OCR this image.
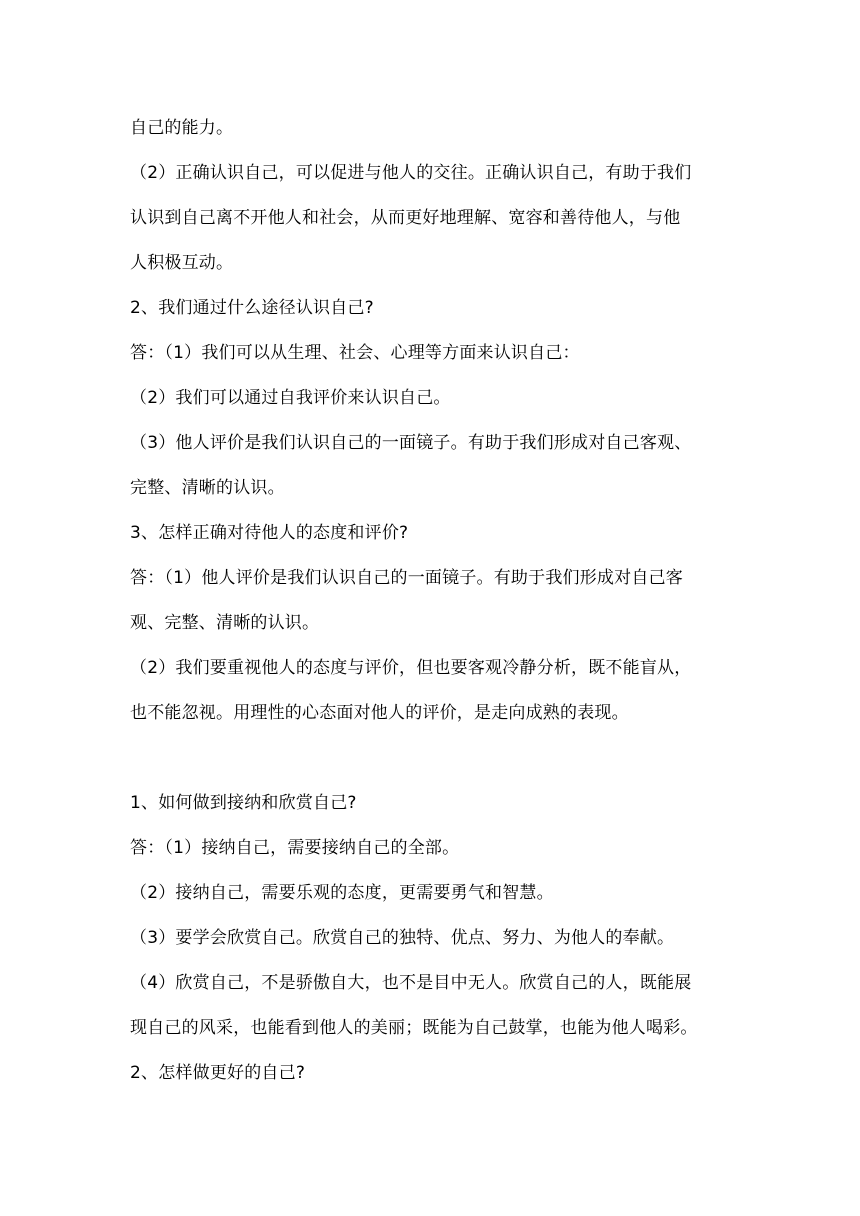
自己的能力。
（2）正确认识自己，可以促进与他人的交往。正确认识自己，有助于我们
认识到自己离不开他人和社会，从而更好地理解、宽容和善待他人，与他
人积极互动。
2、我们通过什么途径认识自己?
答：（1）我们可以从生理、社会、心理等方面来认识自己：
（2）我们可以通过自我评价来认识自己。
（3）他人评价是我们认识自己的一面镜子。有助于我们形成对自己客观、
完整、清晰的认识。
3、怎样正确对待他人的态度和评价?
答：（1）他人评价是我们认识自己的一面镜子。有助于我们形成对自己客
观、完整、清晰的认识。
（2）我们要重视他人的态度与评价，但也要客观冷静分析，既不能盲从，
也不能忽视。用理性的心态面对他人的评价，是走向成熟的表现。
1、如何做到接纳和欣赏自己?
答：（1）接纳自己，需要接纳自己的全部。
（2）接纳自己，需要乐观的态度，更需要勇气和智慧。
（3）要学会欣赏自己。欣赏自己的独特、优点、努力、为他人的奉献。
（4）欣赏自己，不是骄傲自大，也不是目中无人。欣赏自己的人，既能展
现自己的风采，也能看到他人的美丽；既能为自己鼓掌，也能为他人喝彩。
2、怎样做更好的自己?
